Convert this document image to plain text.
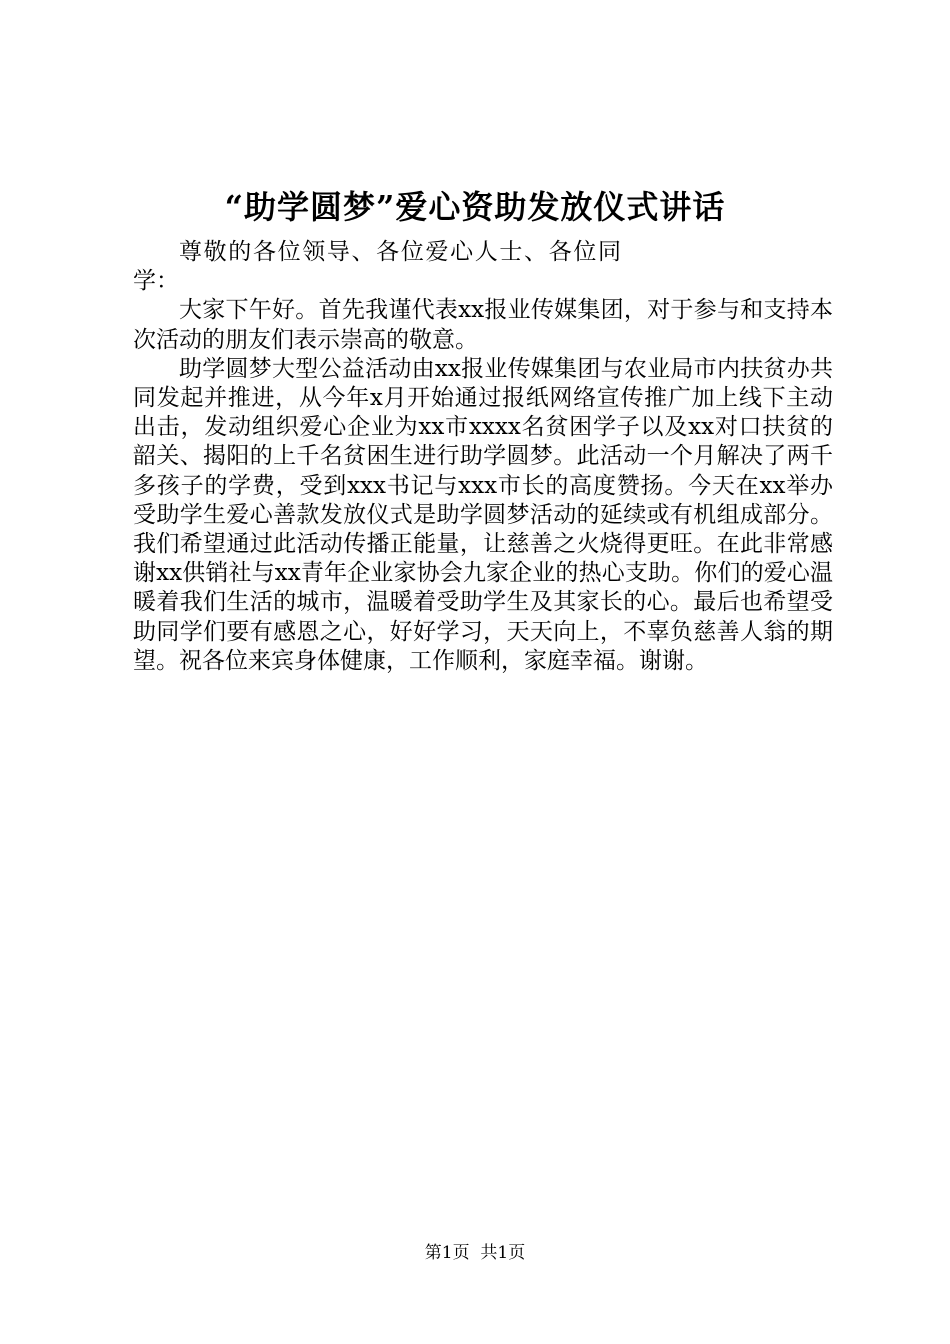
“助学圆梦”爱心资助发放仪式讲话

尊敬的各位领导、各位爱心人士、各位同学：

大家下午好。首先我谨代表xx报业传媒集团，对于参与和支持本次活动的朋友们表示崇高的敬意。

助学圆梦大型公益活动由xx报业传媒集团与农业局市内扶贫办共同发起并推进，从今年x月开始通过报纸网络宣传推广加上线下主动出击，发动组织爱心企业为xx市xxxx名贫困学子以及xx对口扶贫的韶关、揭阳的上千名贫困生进行助学圆梦。此活动一个月解决了两千多孩子的学费，受到xxx书记与xxx市长的高度赞扬。今天在xx举办受助学生爱心善款发放仪式是助学圆梦活动的延续或有机组成部分。我们希望通过此活动传播正能量，让慈善之火烧得更旺。在此非常感谢xx供销社与xx青年企业家协会九家企业的热心支助。你们的爱心温暖着我们生活的城市，温暖着受助学生及其家长的心。最后也希望受助同学们要有感恩之心，好好学习，天天向上，不辜负慈善人翁的期望。祝各位来宾身体健康，工作顺利，家庭幸福。谢谢。

第1页 共1页
